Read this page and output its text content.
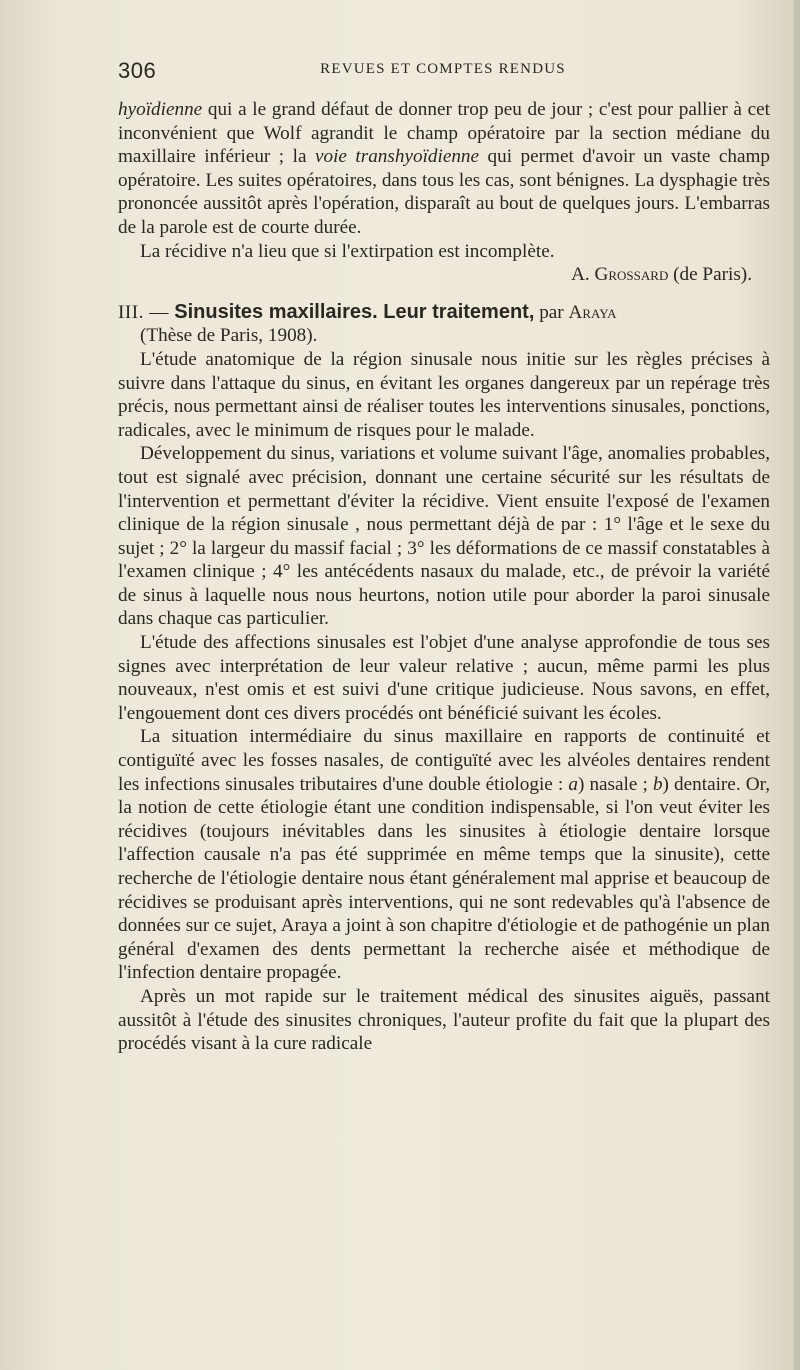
306	REVUES ET COMPTES RENDUS

hyoïdienne qui a le grand défaut de donner trop peu de jour ; c'est pour pallier à cet inconvénient que Wolf agrandit le champ opératoire par la section médiane du maxillaire inférieur ; la voie transhyoïdienne qui permet d'avoir un vaste champ opératoire. Les suites opératoires, dans tous les cas, sont bénignes. La dysphagie très prononcée aussitôt après l'opération, disparaît au bout de quelques jours. L'embarras de la parole est de courte durée.

La récidive n'a lieu que si l'extirpation est incomplète.

A. Grossard (de Paris).

III. — Sinusites maxillaires. Leur traitement, par Araya

(Thèse de Paris, 1908).

L'étude anatomique de la région sinusale nous initie sur les règles précises à suivre dans l'attaque du sinus, en évitant les organes dangereux par un repérage très précis, nous permettant ainsi de réaliser toutes les interventions sinusales, ponctions, radicales, avec le minimum de risques pour le malade.

Développement du sinus, variations et volume suivant l'âge, anomalies probables, tout est signalé avec précision, donnant une certaine sécurité sur les résultats de l'intervention et permettant d'éviter la récidive. Vient ensuite l'exposé de l'examen clinique de la région sinusale , nous permettant déjà de par : 1° l'âge et le sexe du sujet ; 2° la largeur du massif facial ; 3° les déformations de ce massif constatables à l'examen clinique ; 4° les antécédents nasaux du malade, etc., de prévoir la variété de sinus à laquelle nous nous heurtons, notion utile pour aborder la paroi sinusale dans chaque cas particulier.

L'étude des affections sinusales est l'objet d'une analyse approfondie de tous ses signes avec interprétation de leur valeur relative ; aucun, même parmi les plus nouveaux, n'est omis et est suivi d'une critique judicieuse. Nous savons, en effet, l'engouement dont ces divers procédés ont bénéficié suivant les écoles.

La situation intermédiaire du sinus maxillaire en rapports de continuité et contiguïté avec les fosses nasales, de contiguïté avec les alvéoles dentaires rendent les infections sinusales tributaires d'une double étiologie : a) nasale ; b) dentaire. Or, la notion de cette étiologie étant une condition indispensable, si l'on veut éviter les récidives (toujours inévitables dans les sinusites à étiologie dentaire lorsque l'affection causale n'a pas été supprimée en même temps que la sinusite), cette recherche de l'étiologie dentaire nous étant généralement mal apprise et beaucoup de récidives se produisant après interventions, qui ne sont redevables qu'à l'absence de données sur ce sujet, Araya a joint à son chapitre d'étiologie et de pathogénie un plan général d'examen des dents permettant la recherche aisée et méthodique de l'infection dentaire propagée.

Après un mot rapide sur le traitement médical des sinusites aiguës, passant aussitôt à l'étude des sinusites chroniques, l'auteur profite du fait que la plupart des procédés visant à la cure radicale
